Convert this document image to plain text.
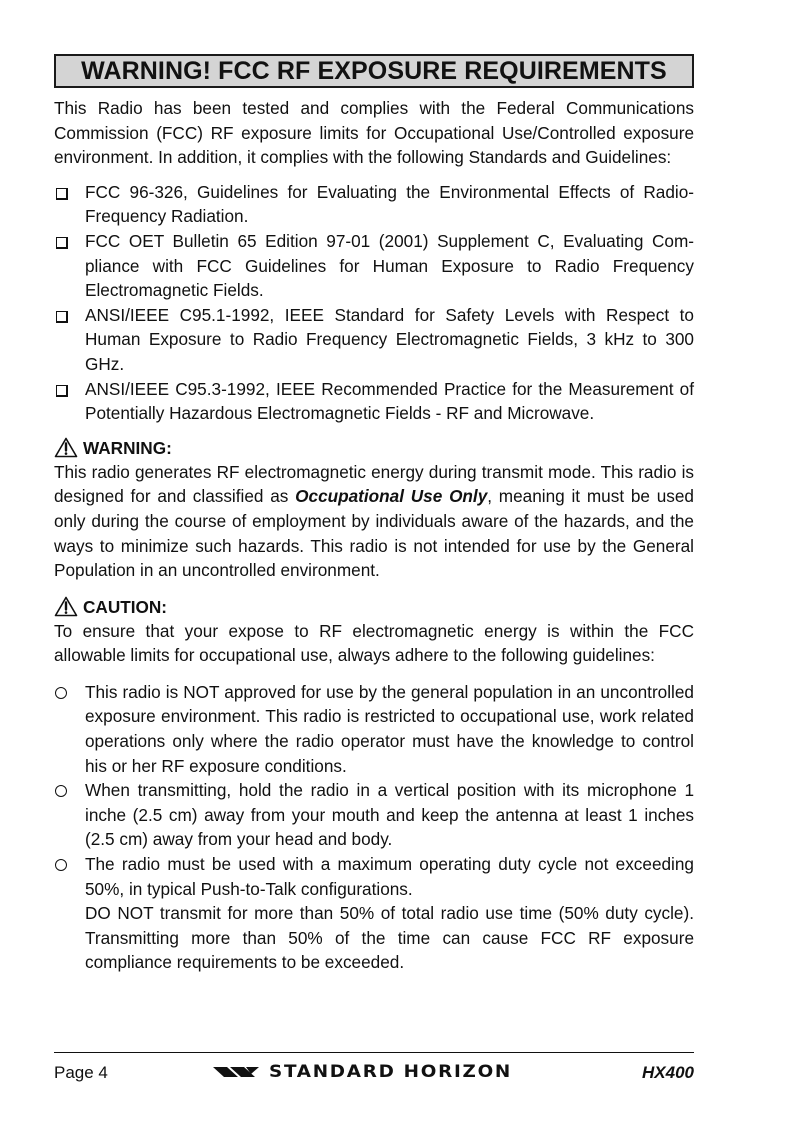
WARNING! FCC RF EXPOSURE REQUIREMENTS

This Radio has been tested and complies with the Federal Communications Commission (FCC) RF exposure limits for Occupational Use/Controlled exposure environment. In addition, it complies with the following Standards and Guidelines:

FCC 96-326, Guidelines for Evaluating the Environmental Effects of Radio-Frequency Radiation.
FCC OET Bulletin 65 Edition 97-01 (2001) Supplement C, Evaluating Compliance with FCC Guidelines for Human Exposure to Radio Frequency Electromagnetic Fields.
ANSI/IEEE C95.1-1992, IEEE Standard for Safety Levels with Respect to Human Exposure to Radio Frequency Electromagnetic Fields, 3 kHz to 300 GHz.
ANSI/IEEE C95.3-1992, IEEE Recommended Practice for the Measurement of Potentially Hazardous Electromagnetic Fields - RF and Microwave.
WARNING:

This radio generates RF electromagnetic energy during transmit mode. This radio is designed for and classified as Occupational Use Only, meaning it must be used only during the course of employment by individuals aware of the hazards, and the ways to minimize such hazards. This radio is not intended for use by the General Population in an uncontrolled environment.

CAUTION:

To ensure that your expose to RF electromagnetic energy is within the FCC allowable limits for occupational use, always adhere to the following guidelines:

This radio is NOT approved for use by the general population in an uncontrolled exposure environment. This radio is restricted to occupational use, work related operations only where the radio operator must have the knowledge to control his or her RF exposure conditions.
When transmitting, hold the radio in a vertical position with its microphone 1 inche (2.5 cm) away from your mouth and keep the antenna at least 1 inches (2.5 cm) away from your head and body.
The radio must be used with a maximum operating duty cycle not exceeding 50%, in typical Push-to-Talk configurations.
DO NOT transmit for more than 50% of total radio use time (50% duty cycle). Transmitting more than 50% of the time can cause FCC RF exposure compliance requirements to be exceeded.
Page 4	STANDARD HORIZON	HX400
